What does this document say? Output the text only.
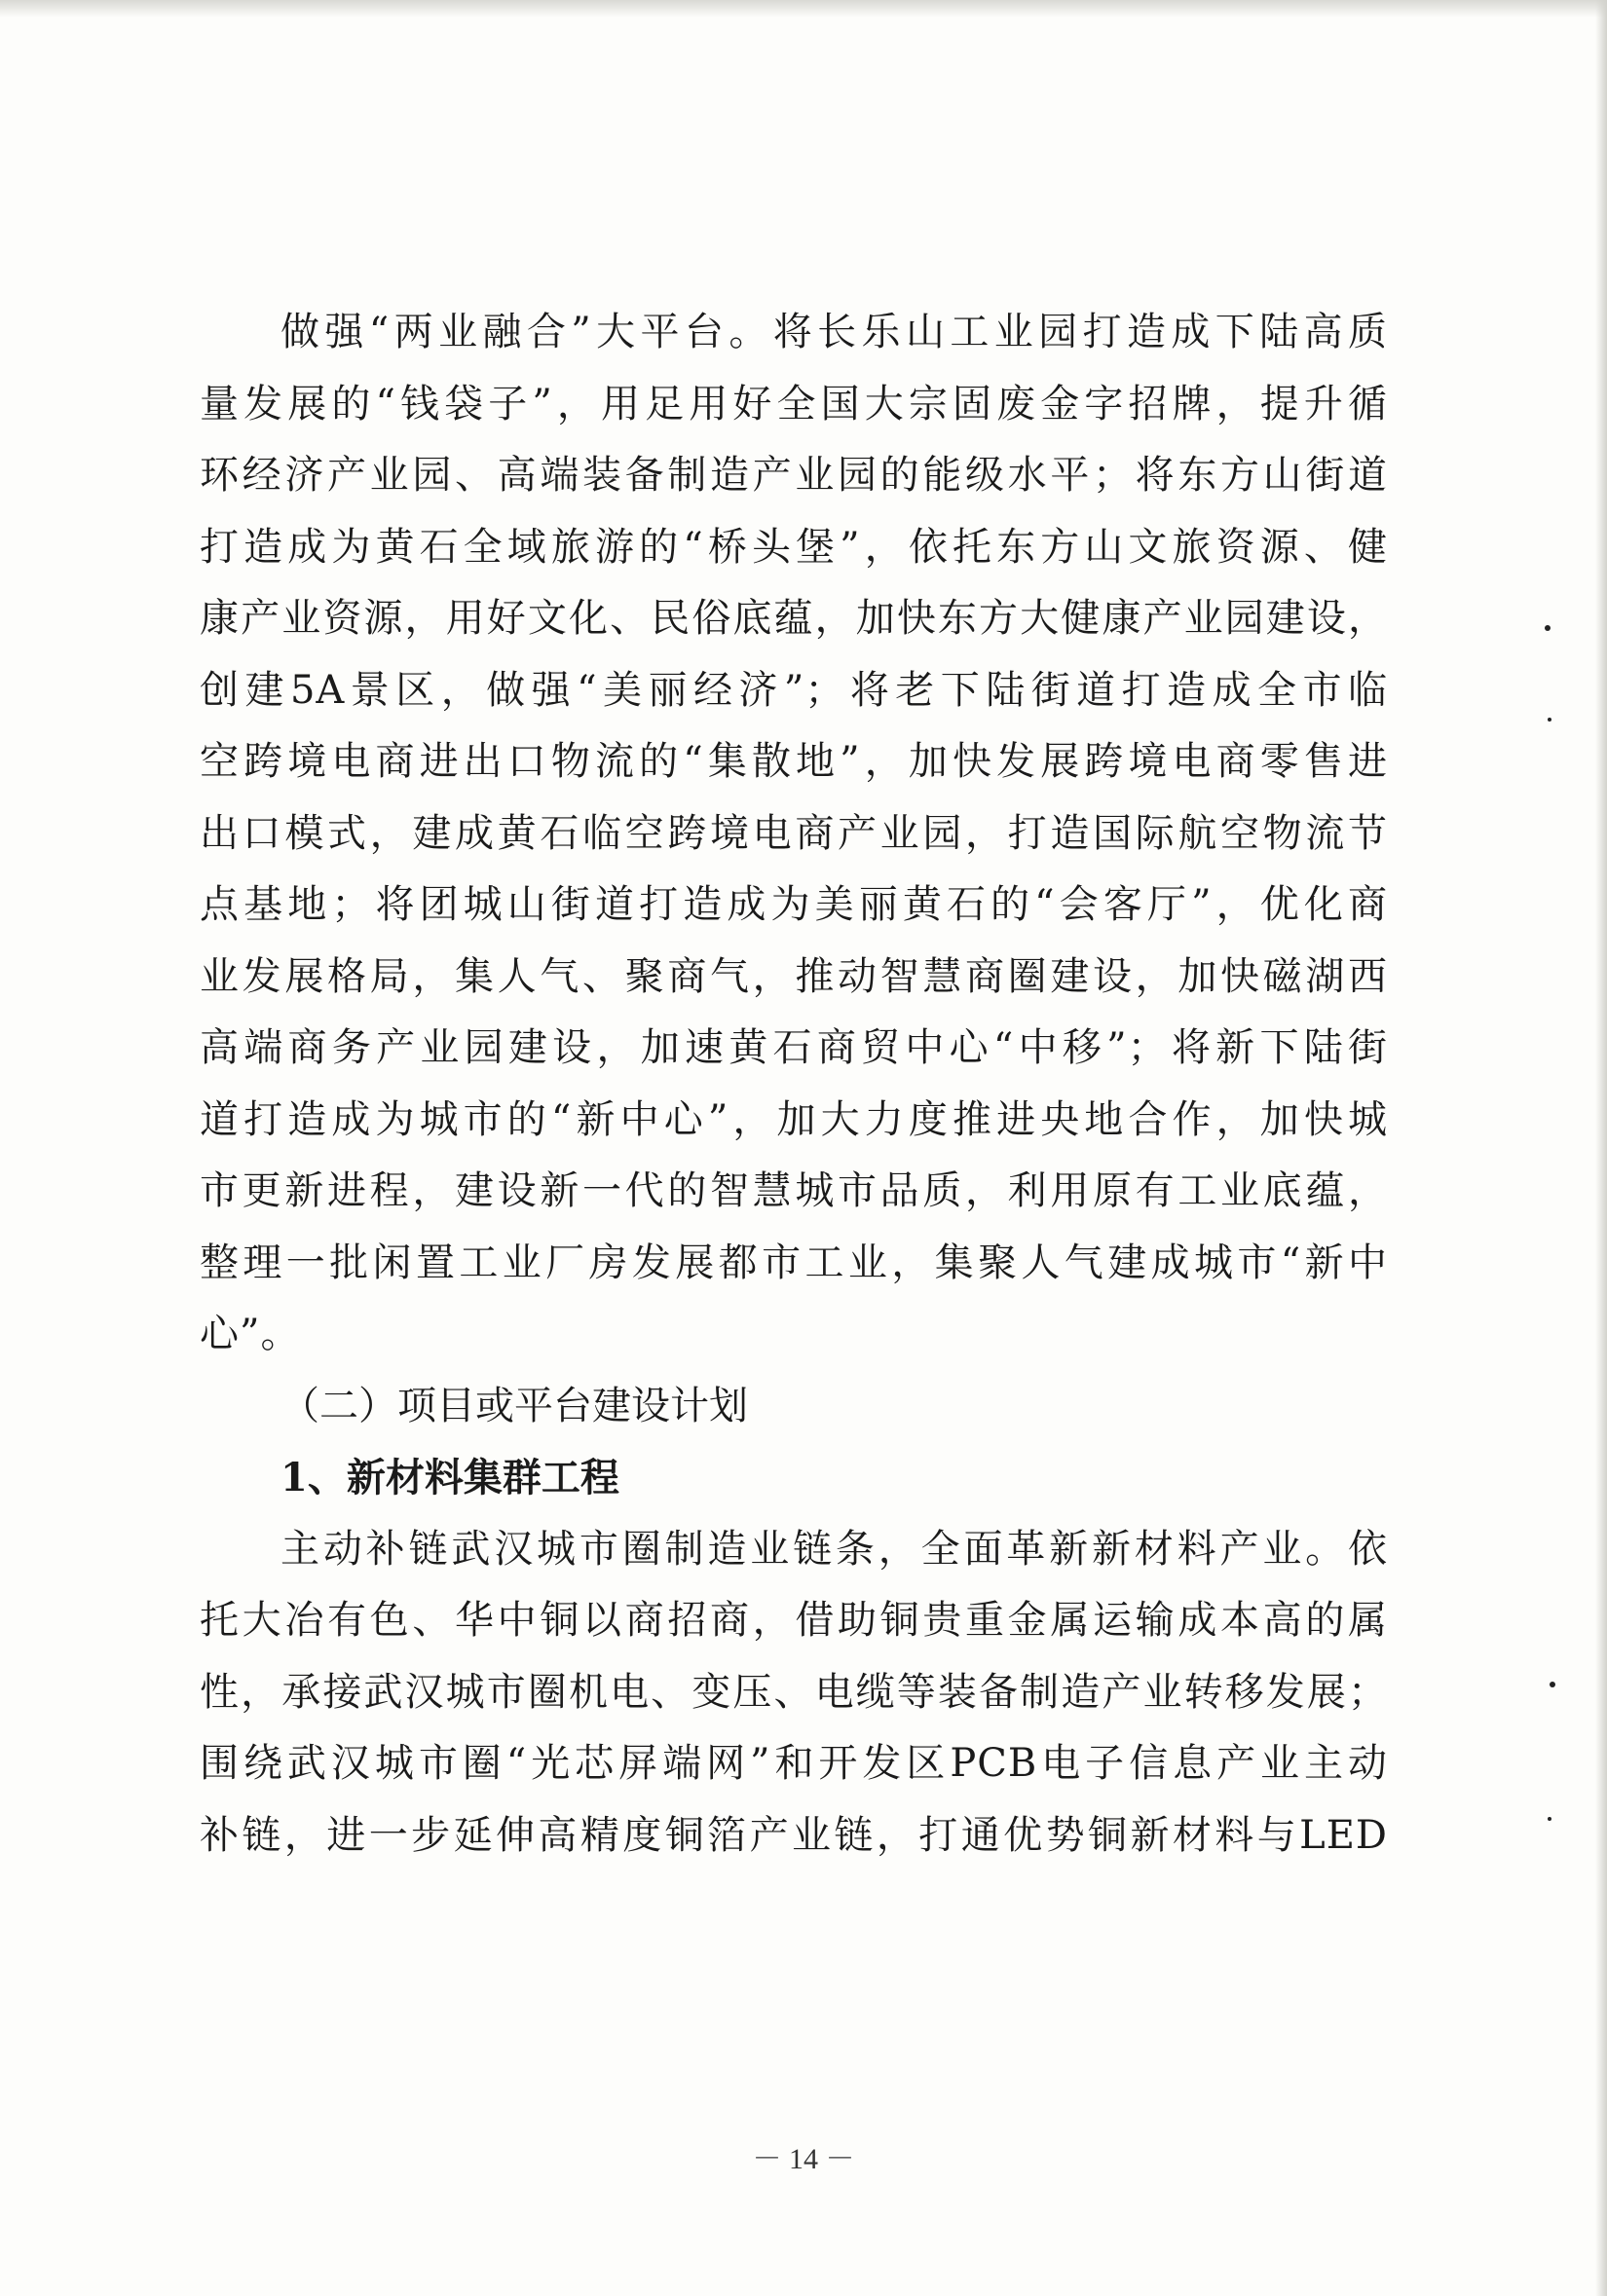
做强“两业融合”大平台。将长乐山工业园打造成下陆高质
量发展的“钱袋子”，用足用好全国大宗固废金字招牌，提升循
环经济产业园、高端装备制造产业园的能级水平；将东方山街道
打造成为黄石全域旅游的“桥头堡”，依托东方山文旅资源、健
康产业资源，用好文化、民俗底蕴，加快东方大健康产业园建设，
创建5A景区，做强“美丽经济”；将老下陆街道打造成全市临
空跨境电商进出口物流的“集散地”，加快发展跨境电商零售进
出口模式，建成黄石临空跨境电商产业园，打造国际航空物流节
点基地；将团城山街道打造成为美丽黄石的“会客厅”，优化商
业发展格局，集人气、聚商气，推动智慧商圈建设，加快磁湖西
高端商务产业园建设，加速黄石商贸中心“中移”；将新下陆街
道打造成为城市的“新中心”，加大力度推进央地合作，加快城
市更新进程，建设新一代的智慧城市品质，利用原有工业底蕴，
整理一批闲置工业厂房发展都市工业，集聚人气建成城市“新中
心”。
（二）项目或平台建设计划
1、新材料集群工程
主动补链武汉城市圈制造业链条，全面革新新材料产业。依
托大冶有色、华中铜以商招商，借助铜贵重金属运输成本高的属
性，承接武汉城市圈机电、变压、电缆等装备制造产业转移发展；
围绕武汉城市圈“光芯屏端网”和开发区PCB电子信息产业主动
补链，进一步延伸高精度铜箔产业链，打通优势铜新材料与LED
－ 14 －
